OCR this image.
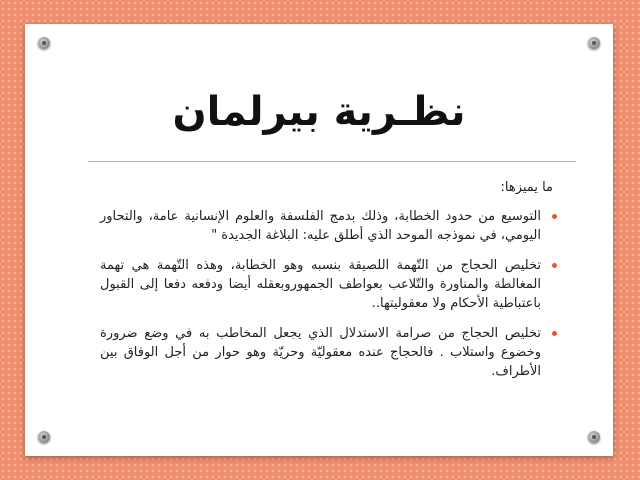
نظـرية بيرلمان

ما يميزها:

التوسيع من حدود الخطابة، وذلك بدمج الفلسفة والعلوم الإنسانية عامة، والتحاور اليومي، في نموذجه الموحد الذي أطلق عليه: البلاغة الجديدة "
تخليص الحجاج من التّهمة اللصيقة بنسبه وهو الخطابة، وهذه التّهمة هي تهمة المغالطة والمناورة والتّلاعب بعواطف الجمهوروبعقله أيضا ودفعه دفعا إلى القبول باعتباطية الأحكام ولا معقوليتها..
تخليص الحجاج من صرامة الاستدلال الذي يجعل المخاطب به في وضع ضرورة وخضوع واستلاب . فالحجاج عنده معقوليّة وحريّة وهو حوار من أجل الوفاق بين الأطراف.
